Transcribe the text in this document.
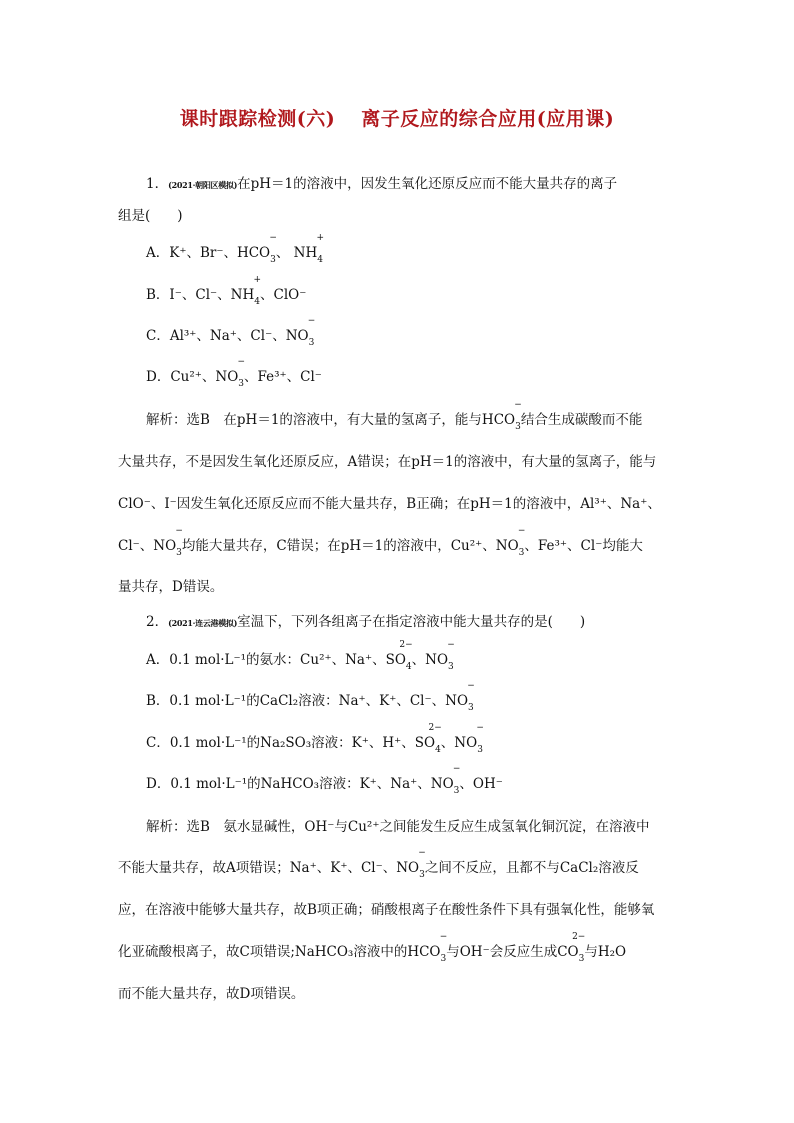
课时跟踪检测(六) 离子反应的综合应用(应用课)
1．(2021·朝阳区模拟)在pH＝1的溶液中，因发生氧化还原反应而不能大量共存的离子
组是(　　)
A．K⁺、Br⁻、$HCO_3$
−
、 $NH_4$
+
B．I⁻、Cl⁻、$NH_4$
+
、ClO⁻
C．Al³⁺、Na⁺、Cl⁻、$NO_3$
−
D．Cu²⁺、$NO_3$
−
、Fe³⁺、Cl⁻
解析：选B　在pH＝1的溶液中，有大量的氢离子，能与$HCO_3$
−
结合生成碳酸而不能
大量共存，不是因发生氧化还原反应，A错误；在pH＝1的溶液中，有大量的氢离子，能与
ClO⁻、I⁻因发生氧化还原反应而不能大量共存，B正确；在pH＝1的溶液中，Al³⁺、Na⁺、
Cl⁻、$NO_3$
−
均能大量共存，C错误；在pH＝1的溶液中，Cu²⁺、$NO_3$
−
、Fe³⁺、Cl⁻均能大
量共存，D错误。
2．(2021·连云港模拟)室温下，下列各组离子在指定溶液中能大量共存的是(　　)
A．0.1 mol·L⁻¹的氨水：Cu²⁺、Na⁺、$SO_4$
2−
、$NO_3$
−
B．0.1 mol·L⁻¹的CaCl₂溶液：Na⁺、K⁺、Cl⁻、$NO_3$
−
C．0.1 mol·L⁻¹的Na₂SO₃溶液：K⁺、H⁺、$SO_4$
2−
、$NO_3$
−
D．0.1 mol·L⁻¹的NaHCO₃溶液：K⁺、Na⁺、$NO_3$
−
、OH⁻
解析：选B　氨水显碱性，OH⁻与Cu²⁺之间能发生反应生成氢氧化铜沉淀，在溶液中
不能大量共存，故A项错误；Na⁺、K⁺、Cl⁻、$NO_3$
−
之间不反应，且都不与CaCl₂溶液反
应，在溶液中能够大量共存，故B项正确；硝酸根离子在酸性条件下具有强氧化性，能够氧
化亚硫酸根离子，故C项错误;NaHCO₃溶液中的$HCO_3$
−
与OH⁻会反应生成$CO_3$
2−
与H₂O
而不能大量共存，故D项错误。
